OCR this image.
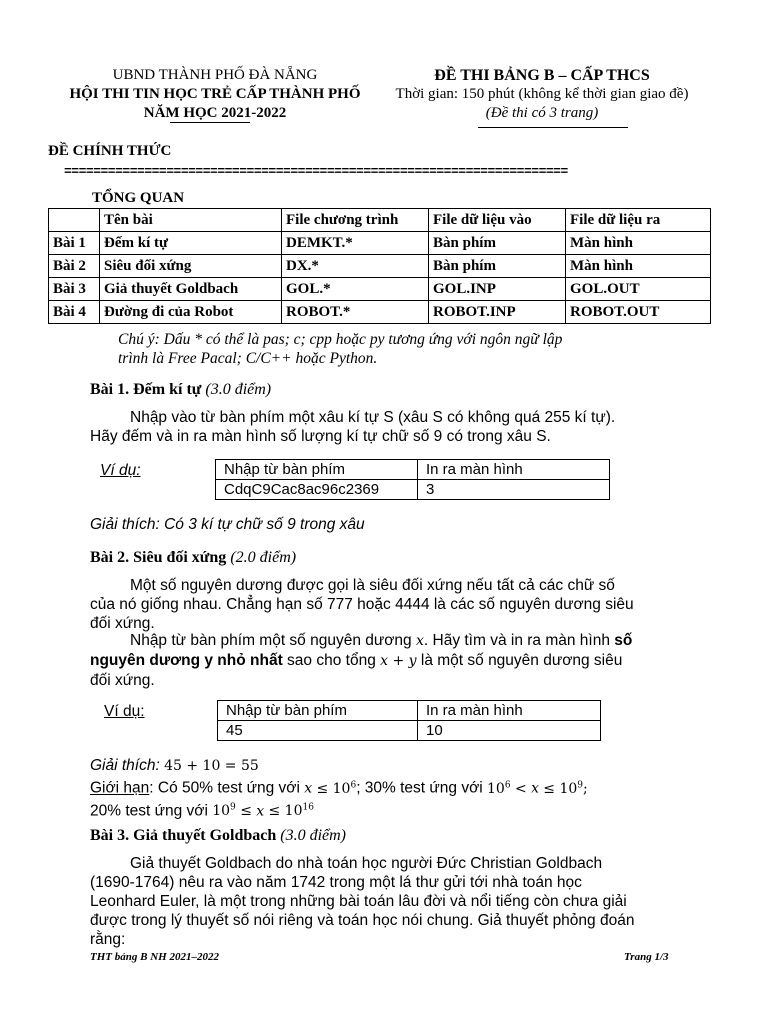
UBND THÀNH PHỐ ĐÀ NẴNG
HỘI THI TIN HỌC TRẺ CẤP THÀNH PHỐ
NĂM HỌC 2021-2022
ĐỀ THI BẢNG B – CẤP THCS
Thời gian: 150 phút (không kể thời gian giao đề)
(Đề thi có 3 trang)
ĐỀ CHÍNH THỨC
=====================================================================
TỔNG QUAN
	Tên bài	File chương trình	File dữ liệu vào	File dữ liệu ra
Bài 1	Đếm kí tự	DEMKT.*	Bàn phím	Màn hình
Bài 2	Siêu đối xứng	DX.*	Bàn phím	Màn hình
Bài 3	Giả thuyết Goldbach	GOL.*	GOL.INP	GOL.OUT
Bài 4	Đường đi của Robot	ROBOT.*	ROBOT.INP	ROBOT.OUT
Chú ý: Dấu * có thể là pas; c; cpp hoặc py tương ứng với ngôn ngữ lập
trình là Free Pacal; C/C++ hoặc Python.
Bài 1. Đếm kí tự (3.0 điểm)
Nhập vào từ bàn phím một xâu kí tự S (xâu S có không quá 255 kí tự).
Hãy đếm và in ra màn hình số lượng kí tự chữ số 9 có trong xâu S.
Ví dụ:	Nhập từ bàn phím	In ra màn hình
CdqC9Cac8ac96c2369	3
Giải thích: Có 3 kí tự chữ số 9 trong xâu
Bài 2. Siêu đối xứng (2.0 điểm)
Một số nguyên dương được gọi là siêu đối xứng nếu tất cả các chữ số
của nó giống nhau. Chẳng hạn số 777 hoặc 4444 là các số nguyên dương siêu
đối xứng.
Nhập từ bàn phím một số nguyên dương x. Hãy tìm và in ra màn hình số
nguyên dương y nhỏ nhất sao cho tổng x + y là một số nguyên dương siêu
đối xứng.
Ví dụ:	Nhập từ bàn phím	In ra màn hình
45	10
Giải thích: 45 + 10 = 55
Giới hạn: Có 50% test ứng với $x \le 10^6$; 30% test ứng với $10^6 < x \le 10^9$;
20% test ứng với $10^9 \le x \le 10^{16}$
Bài 3. Giả thuyết Goldbach (3.0 điểm)
Giả thuyết Goldbach do nhà toán học người Đức Christian Goldbach
(1690-1764) nêu ra vào năm 1742 trong một lá thư gửi tới nhà toán học
Leonhard Euler, là một trong những bài toán lâu đời và nổi tiếng còn chưa giải
được trong lý thuyết số nói riêng và toán học nói chung. Giả thuyết phỏng đoán
rằng:
THT bảng B NH 2021–2022	Trang 1/3
